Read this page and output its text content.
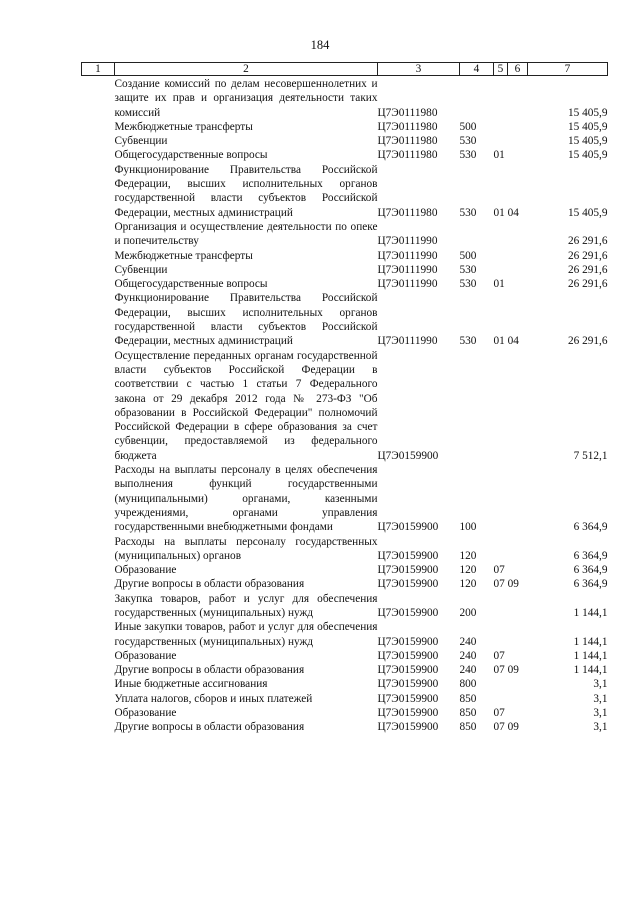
184
1	2	3	4	5	6	7
	Создание комиссий по делам несовершеннолетних и защите их прав и организация деятельности таких комиссий	Ц7Э0111980				15 405,9
	Межбюджетные трансферты	Ц7Э0111980	500			15 405,9
	Субвенции	Ц7Э0111980	530			15 405,9
	Общегосударственные вопросы	Ц7Э0111980	530	01		15 405,9
	Функционирование Правительства Российской Федерации, высших исполнительных органов государственной власти субъектов Российской Федерации, местных администраций	Ц7Э0111980	530	01 04		15 405,9
	Организация и осуществление деятельности по опеке и попечительству	Ц7Э0111990				26 291,6
	Межбюджетные трансферты	Ц7Э0111990	500			26 291,6
	Субвенции	Ц7Э0111990	530			26 291,6
	Общегосударственные вопросы	Ц7Э0111990	530	01		26 291,6
	Функционирование Правительства Российской Федерации, высших исполнительных органов государственной власти субъектов Российской Федерации, местных администраций	Ц7Э0111990	530	01 04		26 291,6
	Осуществление переданных органам государственной власти субъектов Российской Федерации в соответствии с частью 1 статьи 7 Федерального закона от 29 декабря 2012 года № 273-ФЗ "Об образовании в Российской Федерации" полномочий Российской Федерации в сфере образования за счет субвенции, предоставляемой из федерального бюджета	Ц7Э0159900				7 512,1
	Расходы на выплаты персоналу в целях обеспечения выполнения функций государственными (муниципальными) органами, казенными учреждениями, органами управления государственными внебюджетными фондами	Ц7Э0159900	100			6 364,9
	Расходы на выплаты персоналу государственных (муниципальных) органов	Ц7Э0159900	120			6 364,9
	Образование	Ц7Э0159900	120	07		6 364,9
	Другие вопросы в области образования	Ц7Э0159900	120	07 09		6 364,9
	Закупка товаров, работ и услуг для обеспечения государственных (муниципальных) нужд	Ц7Э0159900	200			1 144,1
	Иные закупки товаров, работ и услуг для обеспечения государственных (муниципальных) нужд	Ц7Э0159900	240			1 144,1
	Образование	Ц7Э0159900	240	07		1 144,1
	Другие вопросы в области образования	Ц7Э0159900	240	07 09		1 144,1
	Иные бюджетные ассигнования	Ц7Э0159900	800			3,1
	Уплата налогов, сборов и иных платежей	Ц7Э0159900	850			3,1
	Образование	Ц7Э0159900	850	07		3,1
	Другие вопросы в области образования	Ц7Э0159900	850	07 09		3,1
